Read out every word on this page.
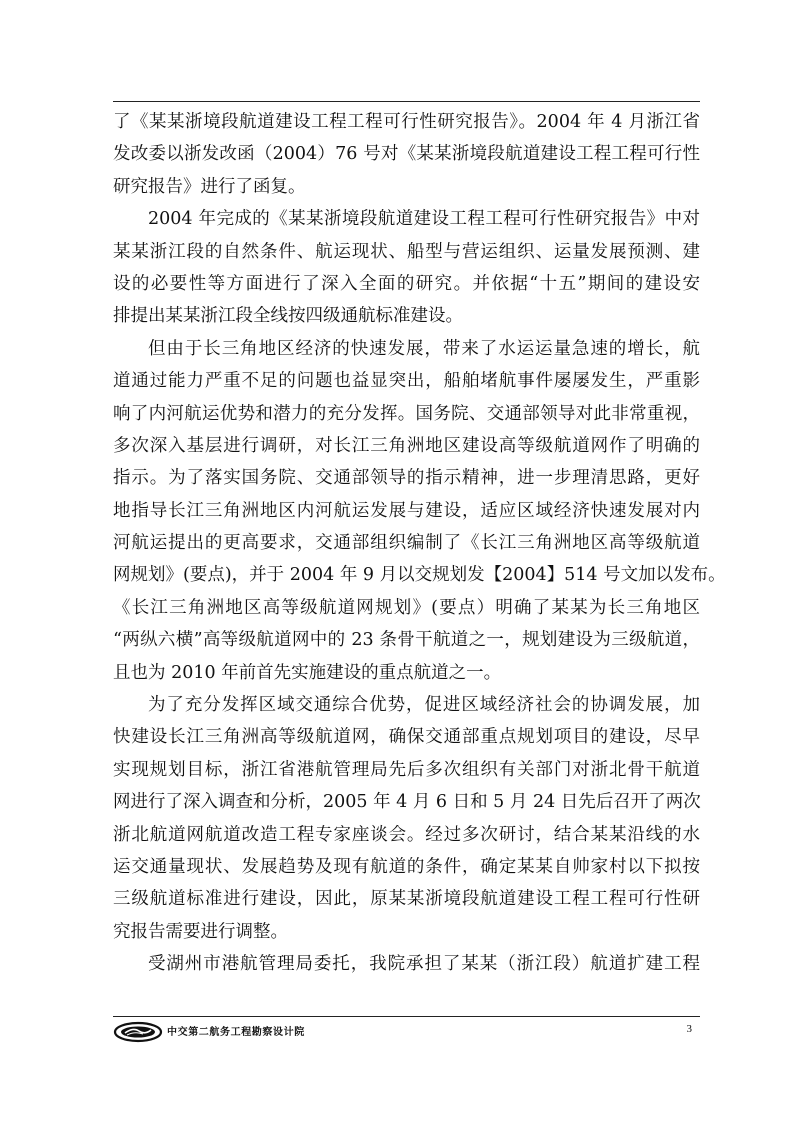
了《某某浙境段航道建设工程工程可行性研究报告》。2004 年 4 月浙江省
发改委以浙发改函（2004）76 号对《某某浙境段航道建设工程工程可行性
研究报告》进行了函复。
2004 年完成的《某某浙境段航道建设工程工程可行性研究报告》中对
某某浙江段的自然条件、航运现状、船型与营运组织、运量发展预测、建
设的必要性等方面进行了深入全面的研究。并依据“十五”期间的建设安
排提出某某浙江段全线按四级通航标准建设。
但由于长三角地区经济的快速发展，带来了水运运量急速的增长，航
道通过能力严重不足的问题也益显突出，船舶堵航事件屡屡发生，严重影
响了内河航运优势和潜力的充分发挥。国务院、交通部领导对此非常重视，
多次深入基层进行调研，对长江三角洲地区建设高等级航道网作了明确的
指示。为了落实国务院、交通部领导的指示精神，进一步理清思路，更好
地指导长江三角洲地区内河航运发展与建设，适应区域经济快速发展对内
河航运提出的更高要求，交通部组织编制了《长江三角洲地区高等级航道
网规划》(要点)，并于 2004 年 9 月以交规划发【2004】514 号文加以发布。
《长江三角洲地区高等级航道网规划》(要点）明确了某某为长三角地区
“两纵六横”高等级航道网中的 23 条骨干航道之一，规划建设为三级航道，
且也为 2010 年前首先实施建设的重点航道之一。
为了充分发挥区域交通综合优势，促进区域经济社会的协调发展，加
快建设长江三角洲高等级航道网，确保交通部重点规划项目的建设，尽早
实现规划目标，浙江省港航管理局先后多次组织有关部门对浙北骨干航道
网进行了深入调查和分析，2005 年 4 月 6 日和 5 月 24 日先后召开了两次
浙北航道网航道改造工程专家座谈会。经过多次研讨，结合某某沿线的水
运交通量现状、发展趋势及现有航道的条件，确定某某自帅家村以下拟按
三级航道标准进行建设，因此，原某某浙境段航道建设工程工程可行性研
究报告需要进行调整。
受湖州市港航管理局委托，我院承担了某某（浙江段）航道扩建工程
中交第二航务工程勘察设计院	3
